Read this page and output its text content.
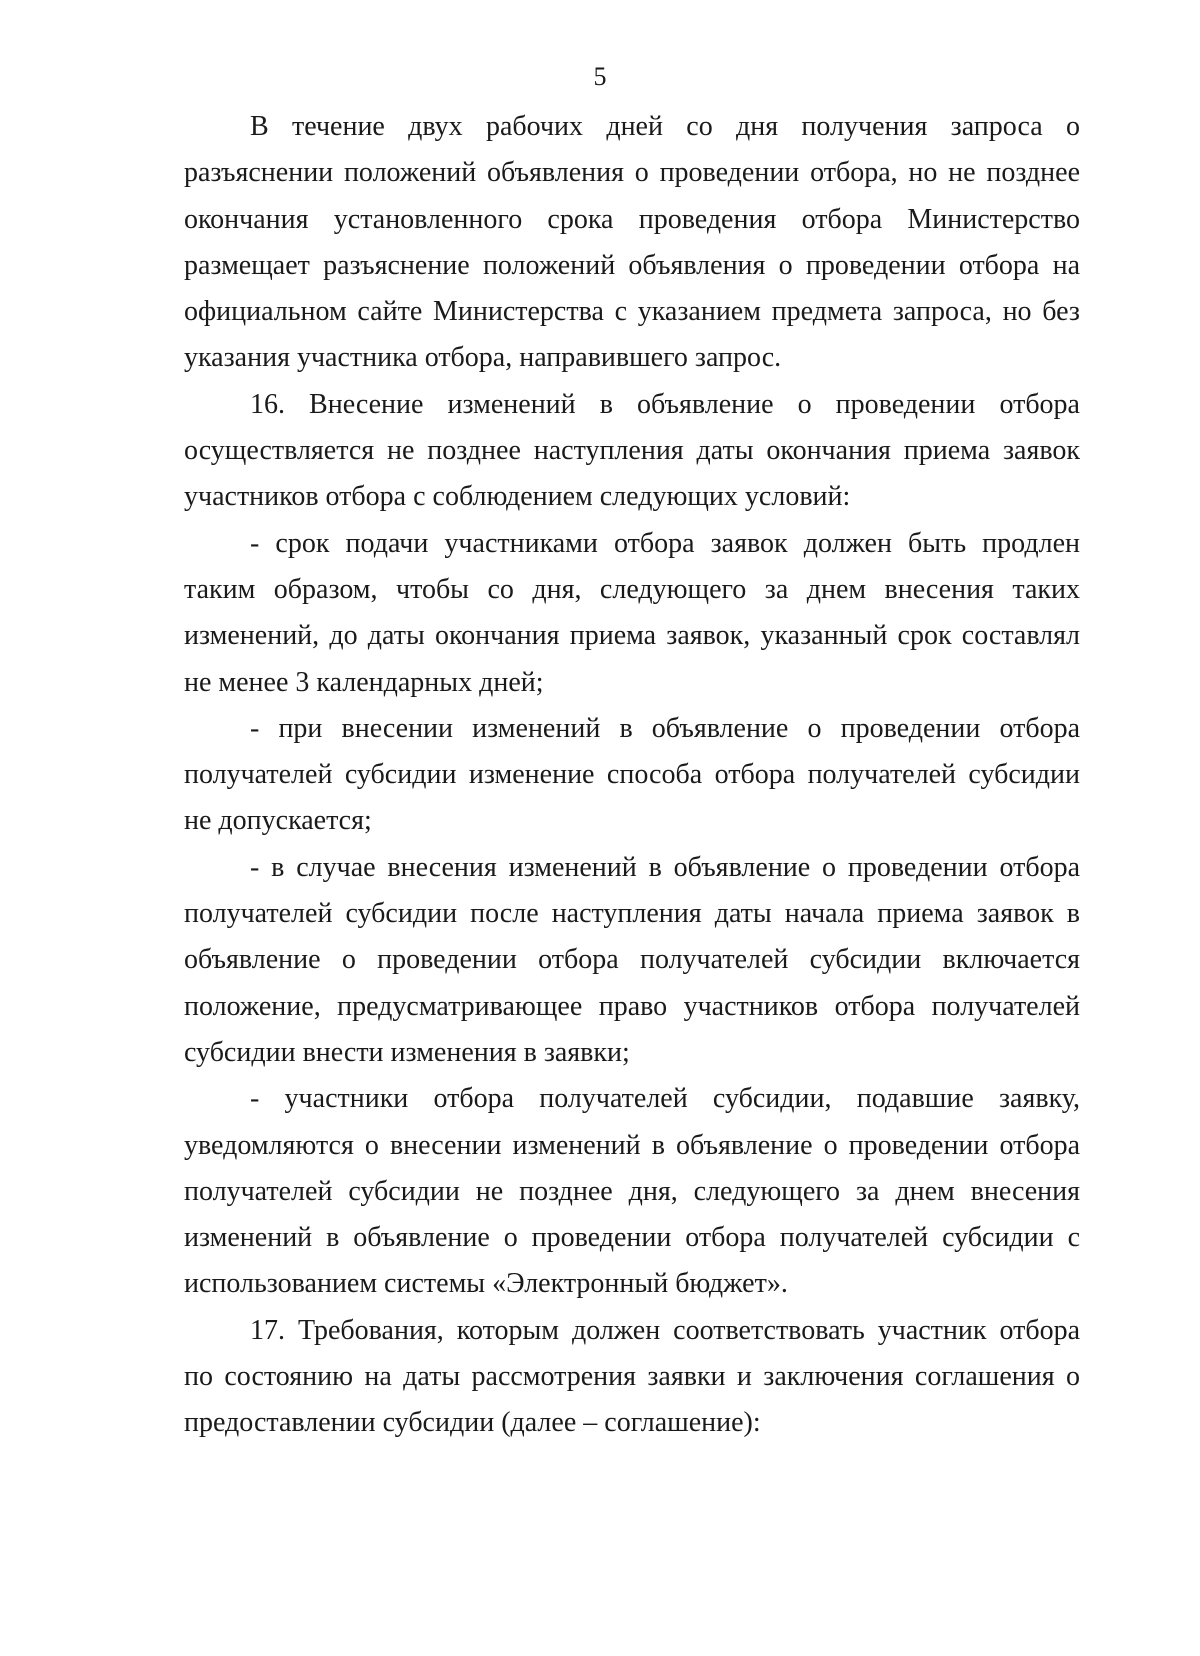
5

В течение двух рабочих дней со дня получения запроса о разъяснении положений объявления о проведении отбора, но не позднее окончания установленного срока проведения отбора Министерство размещает разъяснение положений объявления о проведении отбора на официальном сайте Министерства с указанием предмета запроса, но без указания участника отбора, направившего запрос.

16. Внесение изменений в объявление о проведении отбора осуществляется не позднее наступления даты окончания приема заявок участников отбора с соблюдением следующих условий:

- срок подачи участниками отбора заявок должен быть продлен таким образом, чтобы со дня, следующего за днем внесения таких изменений, до даты окончания приема заявок, указанный срок составлял не менее 3 календарных дней;

- при внесении изменений в объявление о проведении отбора получателей субсидии изменение способа отбора получателей субсидии не допускается;

- в случае внесения изменений в объявление о проведении отбора получателей субсидии после наступления даты начала приема заявок в объявление о проведении отбора получателей субсидии включается положение, предусматривающее право участников отбора получателей субсидии внести изменения в заявки;

- участники отбора получателей субсидии, подавшие заявку, уведомляются о внесении изменений в объявление о проведении отбора получателей субсидии не позднее дня, следующего за днем внесения изменений в объявление о проведении отбора получателей субсидии с использованием системы «Электронный бюджет».

17. Требования, которым должен соответствовать участник отбора по состоянию на даты рассмотрения заявки и заключения соглашения о предоставлении субсидии (далее – соглашение):
